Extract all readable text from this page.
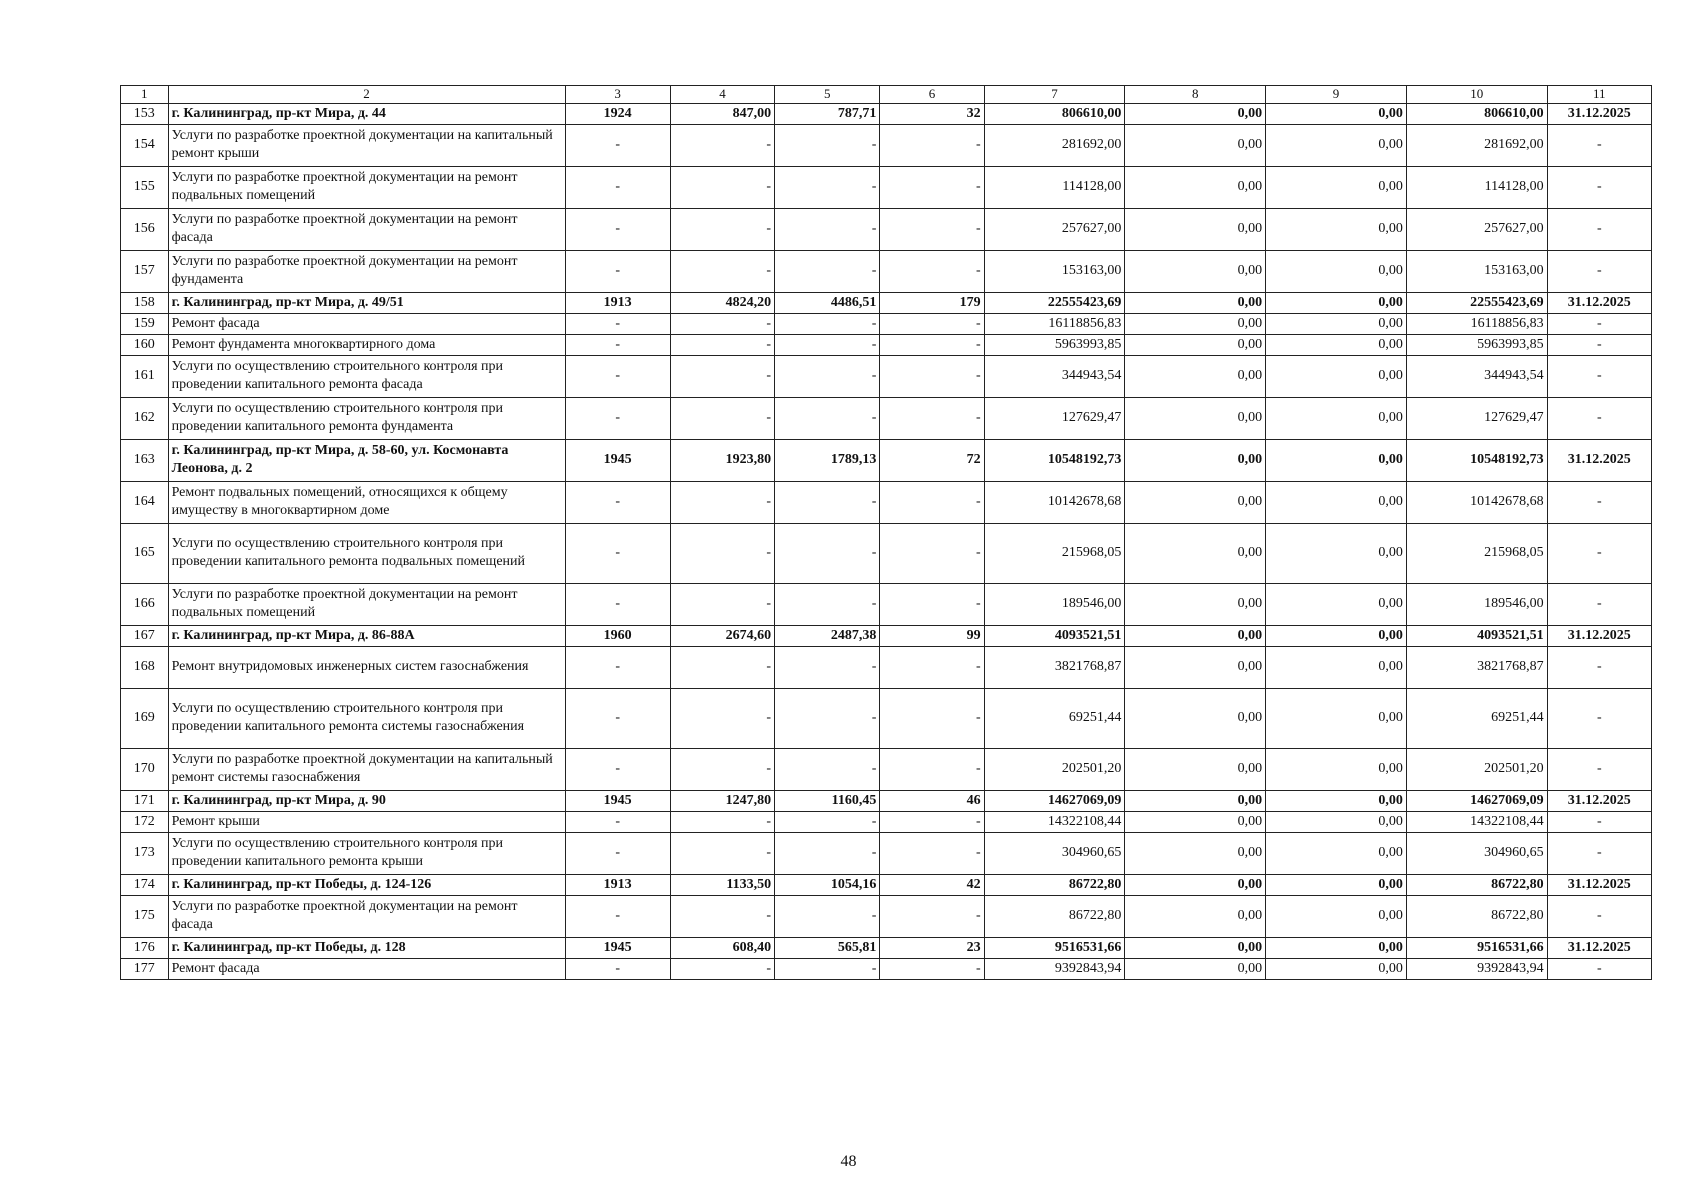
1	2	3	4	5	6	7	8	9	10	11
153	г. Калининград, пр-кт Мира, д. 44	1924	847,00	787,71	32	806610,00	0,00	0,00	806610,00	31.12.2025
154	Услуги по разработке проектной документации на капитальный ремонт крыши	-	-	-	-	281692,00	0,00	0,00	281692,00	-
155	Услуги по разработке проектной документации на ремонт подвальных помещений	-	-	-	-	114128,00	0,00	0,00	114128,00	-
156	Услуги по разработке проектной документации на ремонт фасада	-	-	-	-	257627,00	0,00	0,00	257627,00	-
157	Услуги по разработке проектной документации на ремонт фундамента	-	-	-	-	153163,00	0,00	0,00	153163,00	-
158	г. Калининград, пр-кт Мира, д. 49/51	1913	4824,20	4486,51	179	22555423,69	0,00	0,00	22555423,69	31.12.2025
159	Ремонт фасада	-	-	-	-	16118856,83	0,00	0,00	16118856,83	-
160	Ремонт фундамента многоквартирного дома	-	-	-	-	5963993,85	0,00	0,00	5963993,85	-
161	Услуги по осуществлению строительного контроля при проведении капитального ремонта фасада	-	-	-	-	344943,54	0,00	0,00	344943,54	-
162	Услуги по осуществлению строительного контроля при проведении капитального ремонта фундамента	-	-	-	-	127629,47	0,00	0,00	127629,47	-
163	г. Калининград, пр-кт Мира, д. 58-60, ул. Космонавта Леонова, д. 2	1945	1923,80	1789,13	72	10548192,73	0,00	0,00	10548192,73	31.12.2025
164	Ремонт подвальных помещений, относящихся к общему имуществу в многоквартирном доме	-	-	-	-	10142678,68	0,00	0,00	10142678,68	-
165	Услуги по осуществлению строительного контроля при проведении капитального ремонта подвальных помещений	-	-	-	-	215968,05	0,00	0,00	215968,05	-
166	Услуги по разработке проектной документации на ремонт подвальных помещений	-	-	-	-	189546,00	0,00	0,00	189546,00	-
167	г. Калининград, пр-кт Мира, д. 86-88А	1960	2674,60	2487,38	99	4093521,51	0,00	0,00	4093521,51	31.12.2025
168	Ремонт внутридомовых инженерных систем газоснабжения	-	-	-	-	3821768,87	0,00	0,00	3821768,87	-
169	Услуги по осуществлению строительного контроля при проведении капитального ремонта системы газоснабжения	-	-	-	-	69251,44	0,00	0,00	69251,44	-
170	Услуги по разработке проектной документации на капитальный ремонт системы газоснабжения	-	-	-	-	202501,20	0,00	0,00	202501,20	-
171	г. Калининград, пр-кт Мира, д. 90	1945	1247,80	1160,45	46	14627069,09	0,00	0,00	14627069,09	31.12.2025
172	Ремонт крыши	-	-	-	-	14322108,44	0,00	0,00	14322108,44	-
173	Услуги по осуществлению строительного контроля при проведении капитального ремонта крыши	-	-	-	-	304960,65	0,00	0,00	304960,65	-
174	г. Калининград, пр-кт Победы, д. 124-126	1913	1133,50	1054,16	42	86722,80	0,00	0,00	86722,80	31.12.2025
175	Услуги по разработке проектной документации на ремонт фасада	-	-	-	-	86722,80	0,00	0,00	86722,80	-
176	г. Калининград, пр-кт Победы, д. 128	1945	608,40	565,81	23	9516531,66	0,00	0,00	9516531,66	31.12.2025
177	Ремонт фасада	-	-	-	-	9392843,94	0,00	0,00	9392843,94	-
48
